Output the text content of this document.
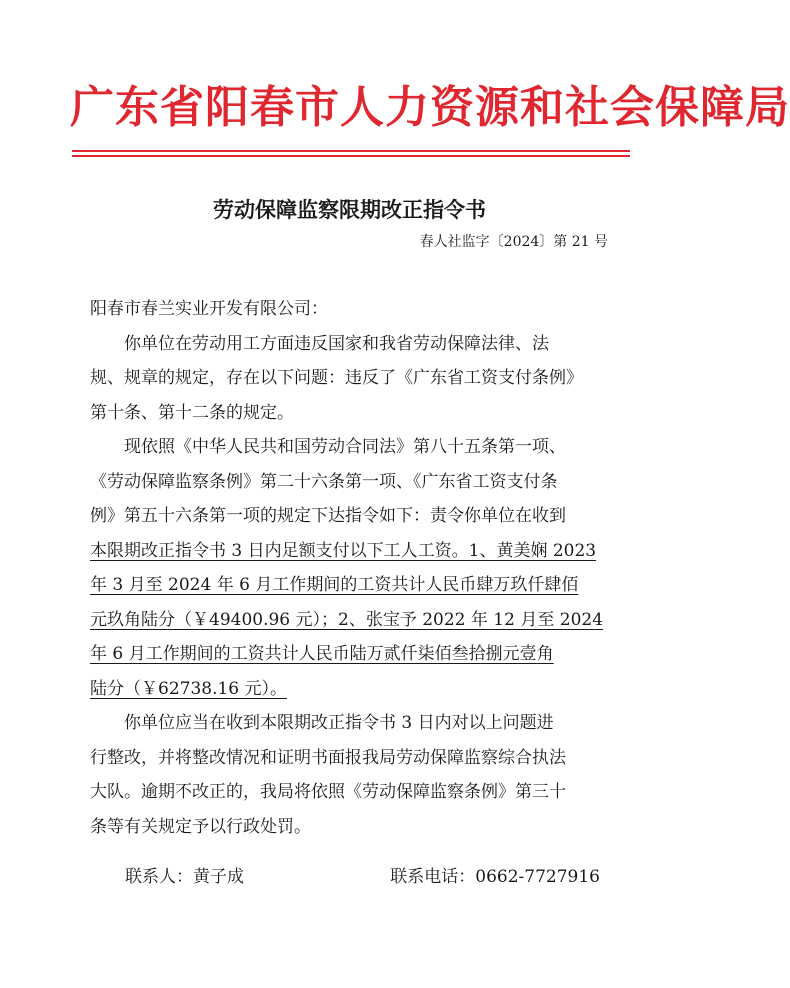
广东省阳春市人力资源和社会保障局
劳动保障监察限期改正指令书
春人社监字〔2024〕第 21 号
阳春市春兰实业开发有限公司：
你单位在劳动用工方面违反国家和我省劳动保障法律、法
规、规章的规定，存在以下问题：违反了《广东省工资支付条例》
第十条、第十二条的规定。
现依照《中华人民共和国劳动合同法》第八十五条第一项、
《劳动保障监察条例》第二十六条第一项、《广东省工资支付条
例》第五十六条第一项的规定下达指令如下：责令你单位在收到
本限期改正指令书 3 日内足额支付以下工人工资。1、黄美娴 2023
年 3 月至 2024 年 6 月工作期间的工资共计人民币肆万玖仟肆佰
元玖角陆分（￥49400.96 元）；2、张宝予 2022 年 12 月至 2024
年 6 月工作期间的工资共计人民币陆万贰仟柒佰叁拾捌元壹角
陆分（￥62738.16 元）。
你单位应当在收到本限期改正指令书 3 日内对以上问题进
行整改，并将整改情况和证明书面报我局劳动保障监察综合执法
大队。逾期不改正的，我局将依照《劳动保障监察条例》第三十
条等有关规定予以行政处罚。
联系人：黄子成	联系电话：0662-7727916
